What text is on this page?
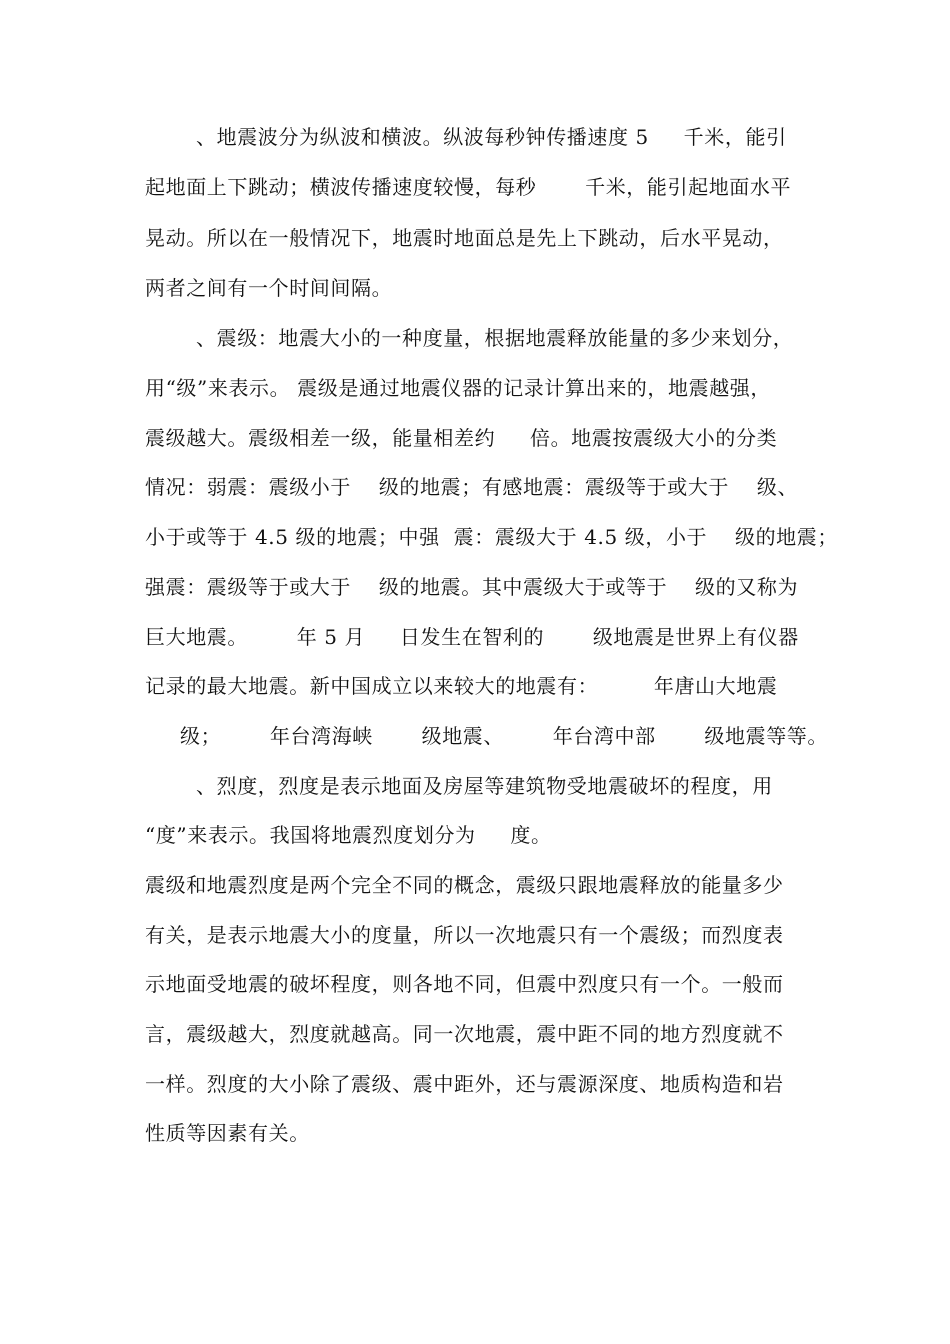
、地震波分为纵波和横波。纵波每秒钟传播速度 5     千米，能引
起地面上下跳动；横波传播速度较慢，每秒       千米，能引起地面水平
晃动。所以在一般情况下，地震时地面总是先上下跳动，后水平晃动，
两者之间有一个时间间隔。
、震级：地震大小的一种度量，根据地震释放能量的多少来划分，
用“级”来表示。 震级是通过地震仪器的记录计算出来的，地震越强，
震级越大。震级相差一级，能量相差约     倍。地震按震级大小的分类
情况：弱震：震级小于    级的地震；有感地震：震级等于或大于    级、
小于或等于 4.5 级的地震；中强  震：震级大于 4.5 级，小于    级的地震；
强震：震级等于或大于    级的地震。其中震级大于或等于    级的又称为
巨大地震。       年 5 月     日发生在智利的       级地震是世界上有仪器
记录的最大地震。新中国成立以来较大的地震有：        年唐山大地震
级；       年台湾海峡       级地震、       年台湾中部       级地震等等。
、烈度，烈度是表示地面及房屋等建筑物受地震破坏的程度，用
“度”来表示。我国将地震烈度划分为     度。
震级和地震烈度是两个完全不同的概念，震级只跟地震释放的能量多少
有关，是表示地震大小的度量，所以一次地震只有一个震级；而烈度表
示地面受地震的破坏程度，则各地不同，但震中烈度只有一个。一般而
言，震级越大，烈度就越高。同一次地震，震中距不同的地方烈度就不
一样。烈度的大小除了震级、震中距外，还与震源深度、地质构造和岩
性质等因素有关。
